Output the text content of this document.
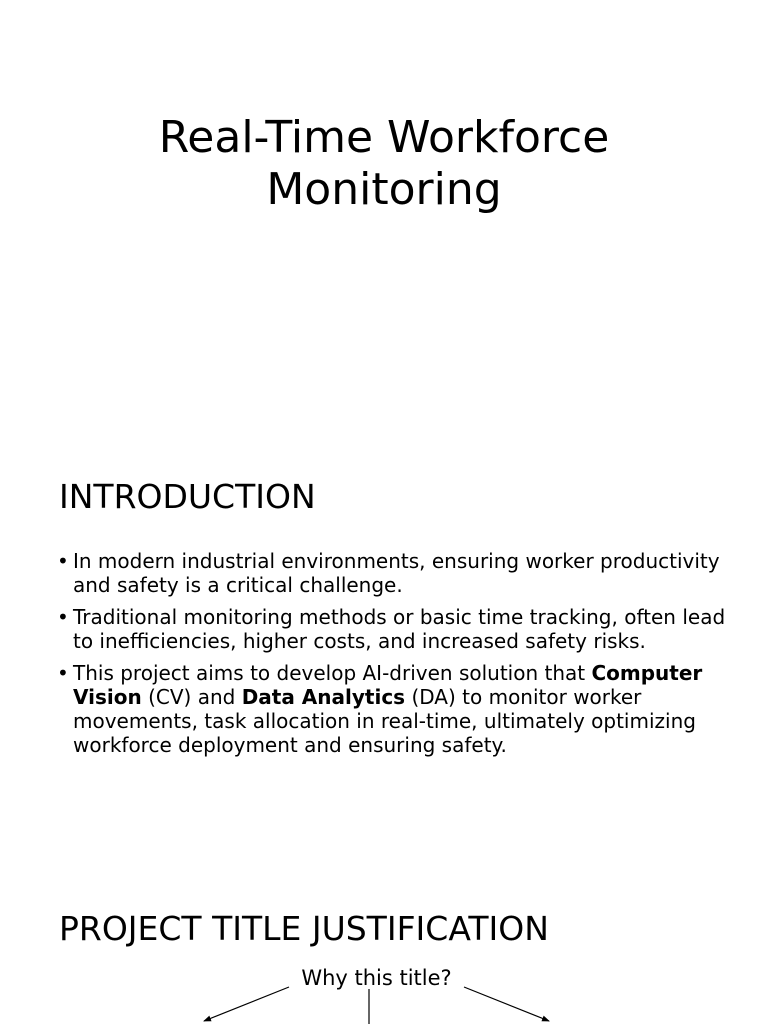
Real-Time Workforce
Monitoring
INTRODUCTION
• In modern industrial environments, ensuring worker productivity and safety is a critical challenge.
• Traditional monitoring methods or basic time tracking, often lead to inefficiencies, higher costs, and increased safety risks.
• This project aims to develop AI-driven solution that Computer Vision (CV) and Data Analytics (DA) to monitor worker movements, task allocation in real-time, ultimately optimizing workforce deployment and ensuring safety.
PROJECT TITLE JUSTIFICATION
Why this title?
